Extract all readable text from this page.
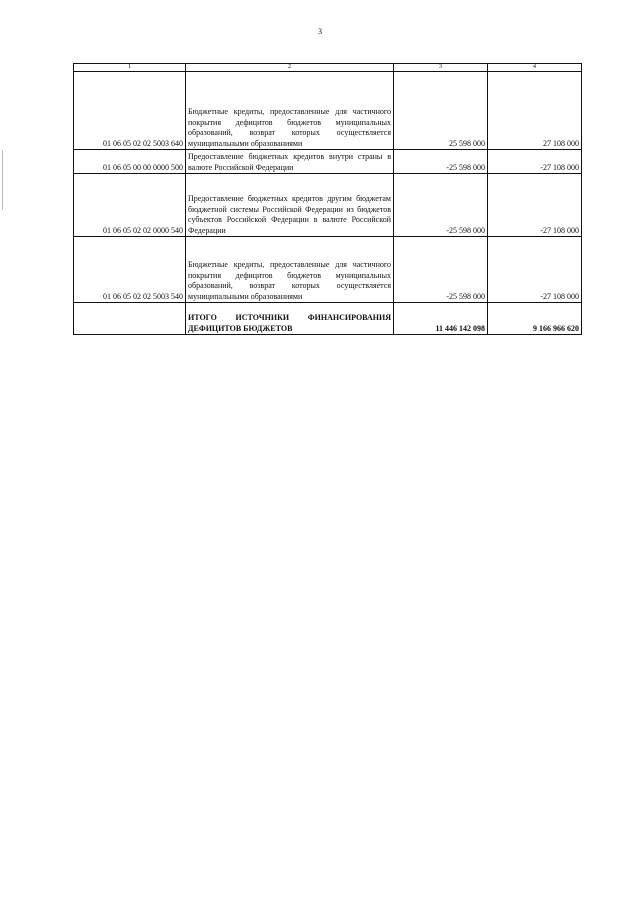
3
1	2	3	4
01 06 05 02 02 5003 640	Бюджетные кредиты, предоставленные для частичного покрытия дефицитов бюджетов муниципальных образований, возврат которых осуществляется муниципальными образованиями	25 598 000	27 108 000
01 06 05 00 00 0000 500	Предоставление бюджетных кредитов внутри страны в валюте Российской Федерации	-25 598 000	-27 108 000
01 06 05 02 02 0000 540	Предоставление бюджетных кредитов другим бюджетам бюджетной системы Российской Федерации из бюджетов субъектов Российской Федерации в валюте Российской Федерации	-25 598 000	-27 108 000
01 06 05 02 02 5003 540	Бюджетные кредиты, предоставленные для частичного покрытия дефицитов бюджетов муниципальных образований, возврат которых осуществляется муниципальными образованиями	-25 598 000	-27 108 000
	ИТОГО ИСТОЧНИКИ ФИНАНСИРОВАНИЯ ДЕФИЦИТОВ БЮДЖЕТОВ	11 446 142 098	9 166 966 620
